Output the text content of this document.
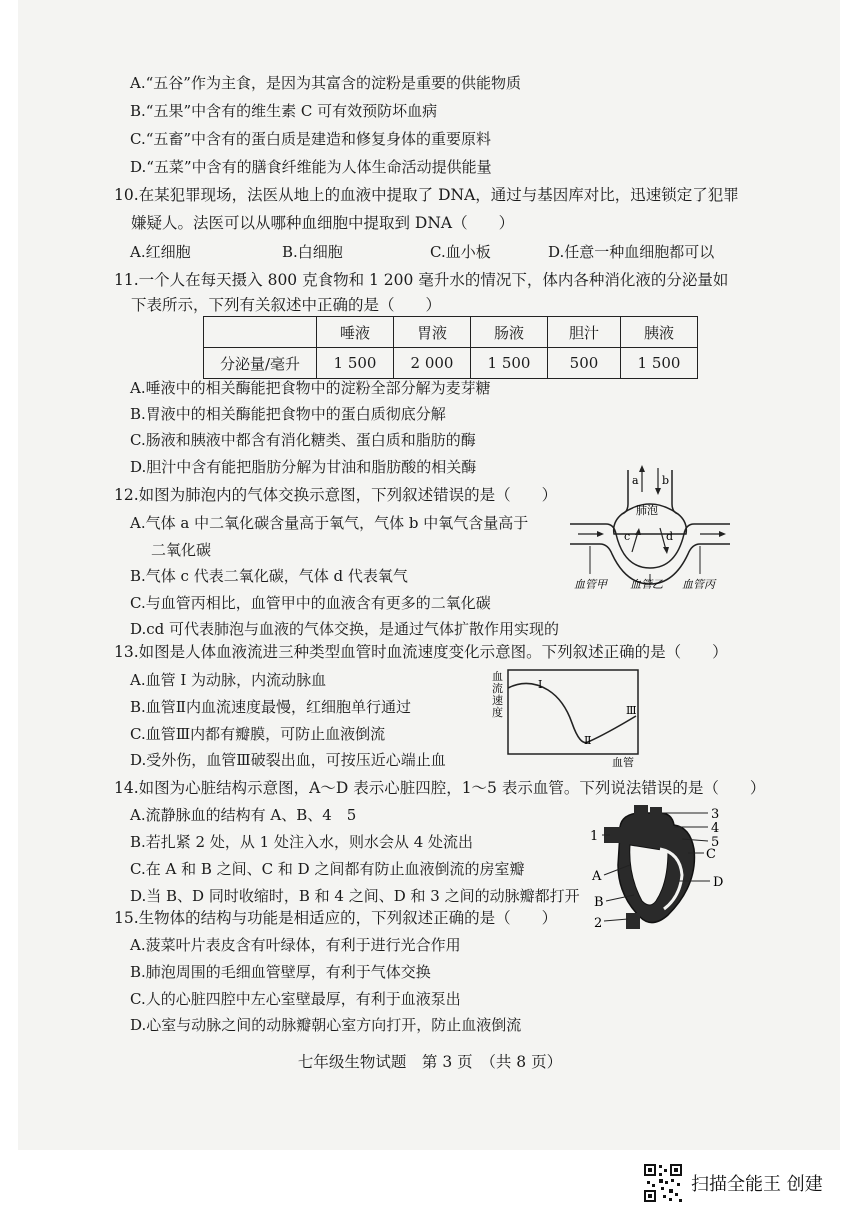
A.“五谷”作为主食，是因为其富含的淀粉是重要的供能物质
B.“五果”中含有的维生素 C 可有效预防坏血病
C.“五畜”中含有的蛋白质是建造和修复身体的重要原料
D.“五菜”中含有的膳食纤维能为人体生命活动提供能量
10.在某犯罪现场，法医从地上的血液中提取了 DNA，通过与基因库对比，迅速锁定了犯罪
嫌疑人。法医可以从哪种血细胞中提取到 DNA（　　）
A.红细胞	B.白细胞	C.血小板	D.任意一种血细胞都可以
11.一个人在每天摄入 800 克食物和 1 200 毫升水的情况下，体内各种消化液的分泌量如
下表所示，下列有关叙述中正确的是（　　）
	唾液	胃液	肠液	胆汁	胰液
分泌量/毫升	1 500	2 000	1 500	500	1 500
A.唾液中的相关酶能把食物中的淀粉全部分解为麦芽糖
B.胃液中的相关酶能把食物中的蛋白质彻底分解
C.肠液和胰液中都含有消化糖类、蛋白质和脂肪的酶
D.胆汁中含有能把脂肪分解为甘油和脂肪酸的相关酶
12.如图为肺泡内的气体交换示意图，下列叙述错误的是（　　）
A.气体 a 中二氧化碳含量高于氧气，气体 b 中氧气含量高于
二氧化碳
B.气体 c 代表二氧化碳，气体 d 代表氧气
C.与血管丙相比，血管甲中的血液含有更多的二氧化碳
D.cd 可代表肺泡与血液的气体交换，是通过气体扩散作用实现的
a b
肺泡
c	d
血管甲 血管乙 血管丙
13.如图是人体血液流进三种类型血管时血流速度变化示意图。下列叙述正确的是（　　）
A.血管 I 为动脉，内流动脉血
B.血管Ⅱ内血流速度最慢，红细胞单行通过
C.血管Ⅲ内都有瓣膜，可防止血液倒流
D.受外伤，血管Ⅲ破裂出血，可按压近心端止血
血
流
速
度
I
Ⅱ
Ⅲ
血管
14.如图为心脏结构示意图，A～D 表示心脏四腔，1～5 表示血管。下列说法错误的是（　　）
A.流静脉血的结构有 A、B、4　5
B.若扎紧 2 处，从 1 处注入水，则水会从 4 处流出
C.在 A 和 B 之间、C 和 D 之间都有防止血液倒流的房室瓣
D.当 B、D 同时收缩时，B 和 4 之间、D 和 3 之间的动脉瓣都打开
3
4
5
C
D
1
A
B
2
15.生物体的结构与功能是相适应的，下列叙述正确的是（　　）
A.菠菜叶片表皮含有叶绿体，有利于进行光合作用
B.肺泡周围的毛细血管壁厚，有利于气体交换
C.人的心脏四腔中左心室壁最厚，有利于血液泵出
D.心室与动脉之间的动脉瓣朝心室方向打开，防止血液倒流
七年级生物试题　第 3 页　（共 8 页）
扫描全能王 创建
